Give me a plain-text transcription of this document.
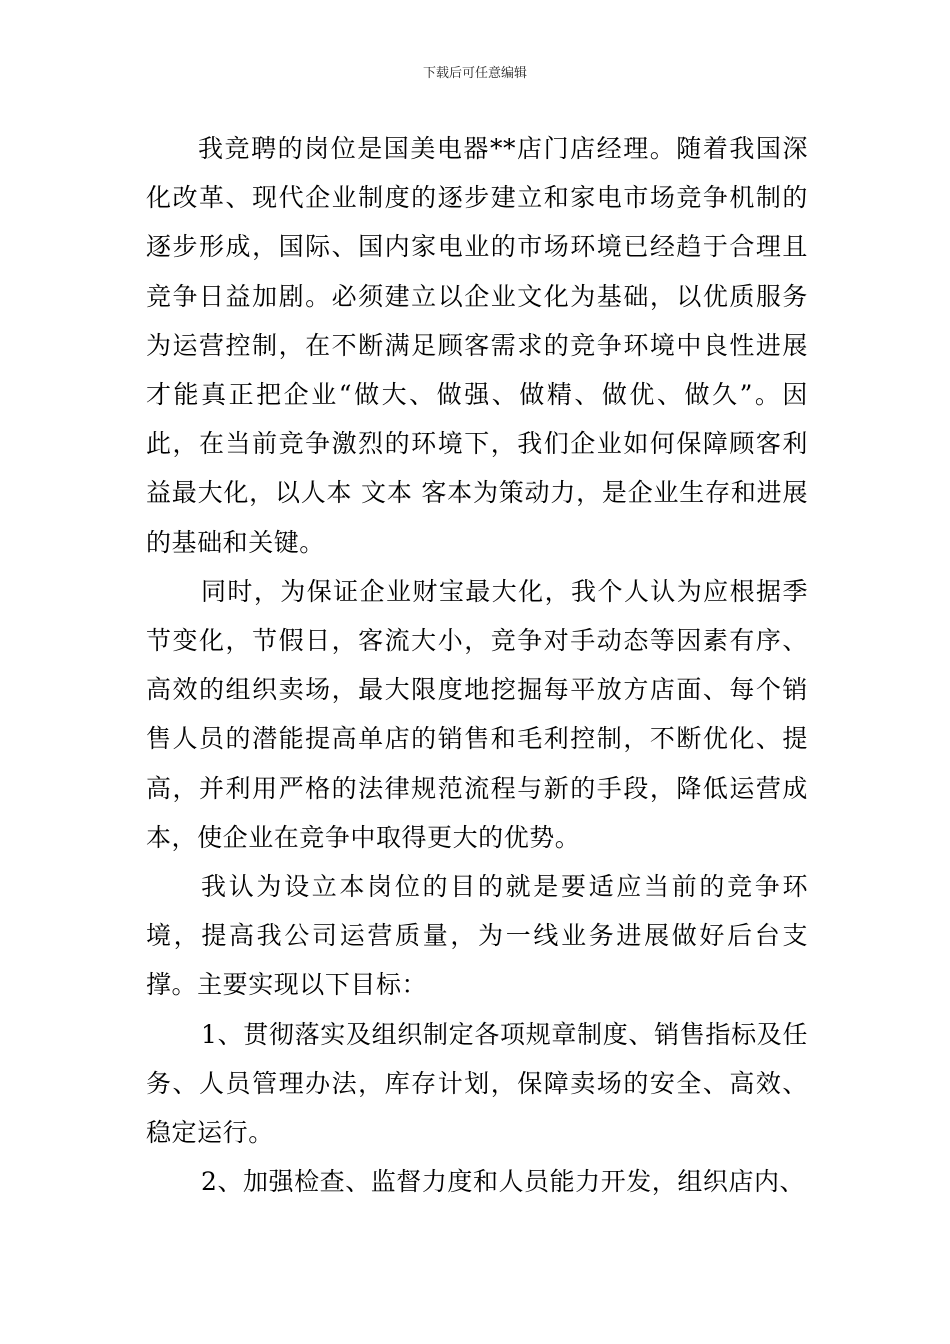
下载后可任意编辑

我竞聘的岗位是国美电器**店门店经理。随着我国深化改革、现代企业制度的逐步建立和家电市场竞争机制的逐步形成，国际、国内家电业的市场环境已经趋于合理且竞争日益加剧。必须建立以企业文化为基础，以优质服务为运营控制，在不断满足顾客需求的竞争环境中良性进展才能真正把企业“做大、做强、做精、做优、做久”。因此，在当前竞争激烈的环境下，我们企业如何保障顾客利益最大化，以人本 文本 客本为策动力，是企业生存和进展的基础和关键。

同时，为保证企业财宝最大化，我个人认为应根据季节变化，节假日，客流大小，竞争对手动态等因素有序、高效的组织卖场，最大限度地挖掘每平放方店面、每个销售人员的潜能提高单店的销售和毛利控制，不断优化、提高，并利用严格的法律规范流程与新的手段，降低运营成本，使企业在竞争中取得更大的优势。

我认为设立本岗位的目的就是要适应当前的竞争环境，提高我公司运营质量，为一线业务进展做好后台支撑。主要实现以下目标：

1、贯彻落实及组织制定各项规章制度、销售指标及任务、人员管理办法，库存计划，保障卖场的安全、高效、稳定运行。

2、加强检查、监督力度和人员能力开发，组织店内、
